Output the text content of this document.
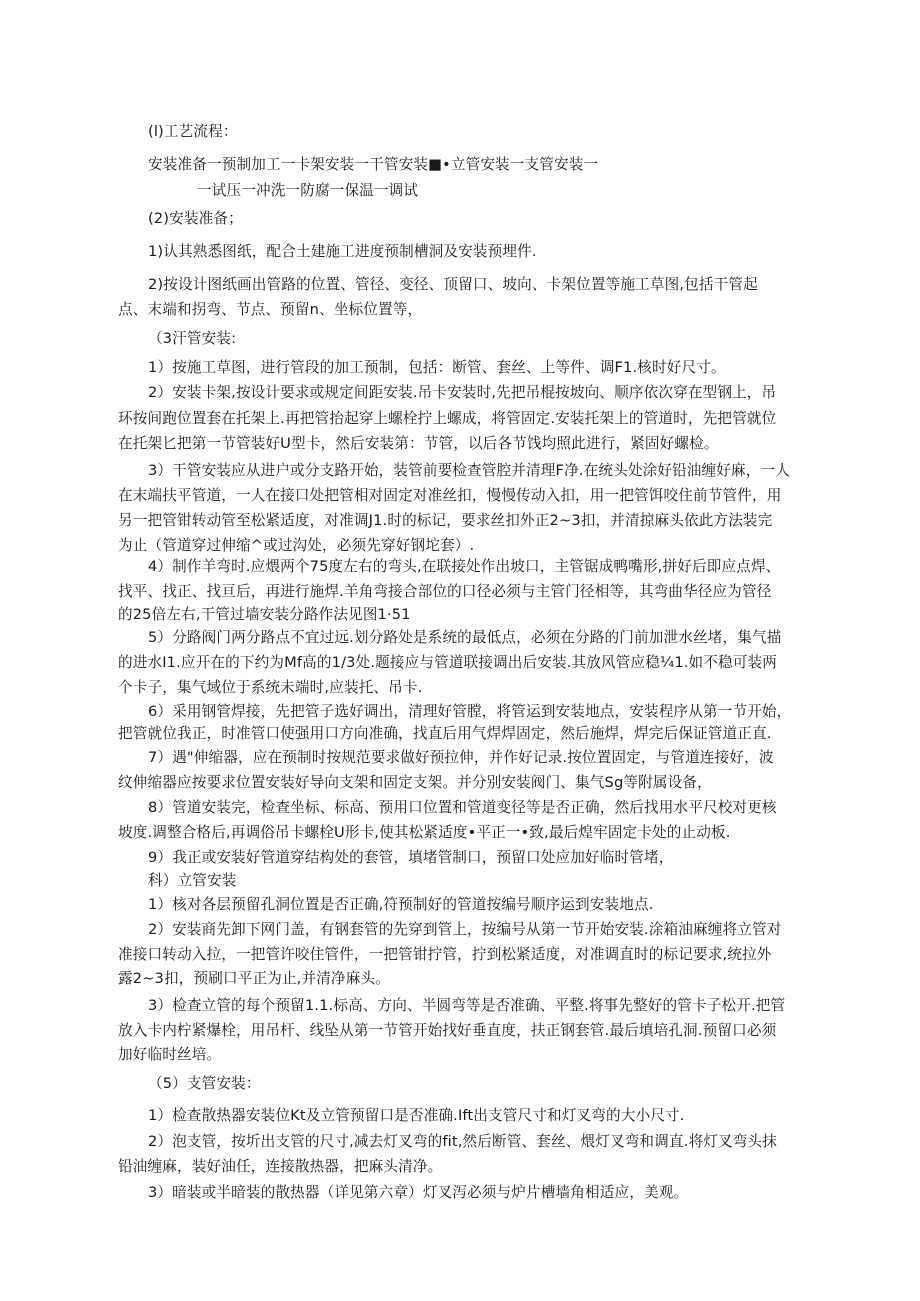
(l)工艺流程：
安装准备一预制加工一卡架安装一干管安装■•立管安装一支管安装一
一试压一冲洗一防腐一保温一调试
(2)安装准备；
1)认其熟悉图纸，配合土建施工进度预制槽洞及安装预埋件.
2)按设计图纸画出管路的位置、管径、变径、顶留口、坡向、卡架位置等施工草图,包括干管起
点、末端和拐弯、节点、预留n、坐标位置等，
（3汗管安装:
1）按施工草图，进行管段的加工预制，包括：断管、套丝、上等件、调F1.核时好尺寸。
2）安装卡架,按设计要求或规定间距安装.吊卡安装时,先把吊棍按坡向、顺序依次穿在型钢上，吊
环按间跑位置套在托架上.再把管抬起穿上螺栓拧上螺成，将管固定.安装托架上的管道时，先把管就位
在托架匕把第一节管装好U型卡，然后安装第：节管，以后各节饯均照此进行，紧固好螺检。
3）干管安装应从进户或分支路开始，装管前要检查管腔并清理F净.在统头处涂好铅油缠好麻，一人
在末端扶平管道，一人在接口处把管相对固定对准丝扣，慢慢传动入扣，用一把管饵咬住前节管件，用
另一把管钳转动管至松紧适度，对准调J1.时的标记，要求丝扣外正2~3扣，并清掠麻头依此方法装完
为止（管道穿过伸缩^或过沟处，必须先穿好钢坨套）.
4）制作羊弯时.应煨两个75度左右的弯头,在联接处作出坡口，主管锯成鸭嘴形,拼好后即应点焊、
找平、找正、找亘后，再进行施焊.羊角弯接合部位的口径必须与主管门径相等，其弯曲华径应为管径
的25倍左右,干管过墙安装分路作法见图1·51
5）分路阀门两分路点不宜过远.划分路处是系统的最低点，必须在分路的门前加泄水丝堵，集气描
的进水I1.应开在的下约为Mf高的1/3处.题接应与管道联接调出后安装.其放风管应稳¼1.如不稳可装两
个卡子，集气域位于系统未端时,应装托、吊卡.
6）采用钢管焊接，先把管子选好调出，清理好管膛，将管运到安装地点，安装程序从第一节开始，
把管就位我正，时准管口使强用口方向准确，找直后用气焊焊固定，然后施焊，焊完后保证管道正直.
7）遇"伸缩器，应在预制时按规范要求做好预拉伸，并作好记录.按位置固定，与管道连接好，波
纹伸缩器应按要求位置安装好导向支架和固定支架。并分别安装阀门、集气Sg等附属设备，
8）管道安装完，检查坐标、标高、预用口位置和管道变径等是否正确，然后找用水平尺校对更核
坡度.调整合格后,再调俗吊卡螺栓U形卡,使其松紧适度•平正一•致,最后煌牢固定卡处的止动板.
9）我正或安装好管道穿结构处的套管，填堵管制口，预留口处应加好临时管堵，
科）立管安装
1）核对各层预留孔洞位置是否正确,符预制好的管道按编号顺序运到安装地点.
2）安装商先卸下网门盖，有钢套管的先穿到管上，按编号从第一节开始安装.涂箱油麻缠将立管对
准接口转动入拉，一把管许咬住管件，一把管钳拧管，拧到松紧适度，对准调直时的标记要求,统拉外
露2~3扣，预刷口平正为止,并清净麻头。
3）检查立管的每个预留1.1.标高、方向、半圆弯等是否准确、平整.将事先整好的管卡子松开.把管
放入卡内柠紧爆栓，用吊杆、线坠从第一节管开始找好垂直度，扶正钢套管.最后填培孔洞.预留口必须
加好临时丝培。
（5）支管安装：
1）检查散热器安装位Kt及立管预留口是否准确.Ift出支管尺寸和灯叉弯的大小尺寸.
2）泡支管，按圻出支管的尺寸,减去灯叉弯的fit,然后断管、套丝、煨灯叉弯和调直.将灯叉弯头抹
铅油缠麻，装好油任，连接散热器，把麻头清净。
3）暗装或半暗装的散热器（详见第六章）灯叉泻必须与炉片槽墙角相适应，美观。
